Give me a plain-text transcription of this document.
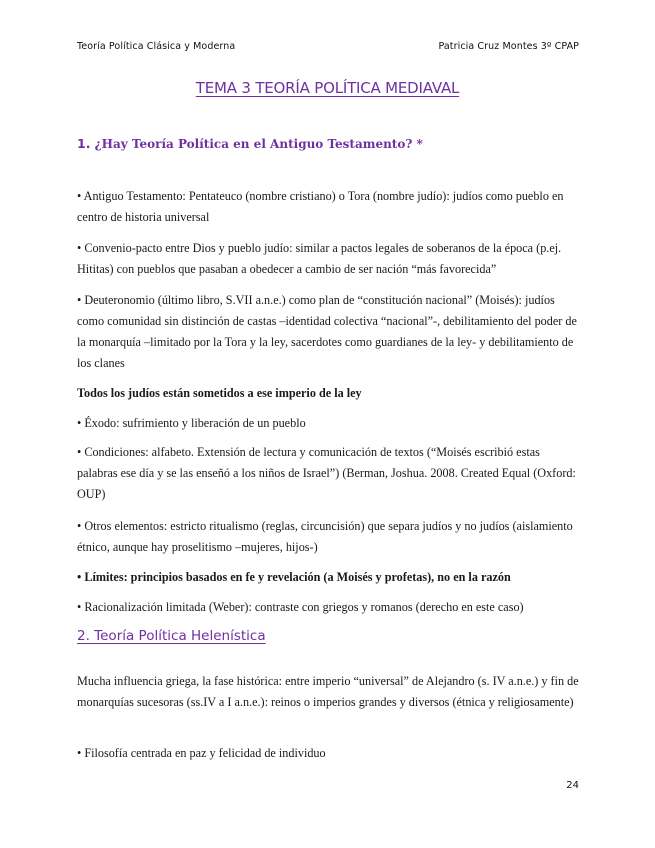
Teoría Política Clásica y Moderna	Patricia Cruz Montes 3º CPAP
TEMA 3 TEORÍA POLÍTICA MEDIAVAL
1. ¿Hay Teoría Política en el Antiguo Testamento? *
• Antiguo Testamento: Pentateuco (nombre cristiano) o Tora (nombre judío): judíos como pueblo en centro de historia universal
• Convenio-pacto entre Dios y pueblo judío: similar a pactos legales de soberanos de la época (p.ej. Hititas) con pueblos que pasaban a obedecer a cambio de ser nación “más favorecida”
• Deuteronomio (último libro, S.VII a.n.e.) como plan de “constitución nacional” (Moisés): judíos como comunidad sin distinción de castas –identidad colectiva “nacional”-, debilitamiento del poder de la monarquía –limitado por la Tora y la ley, sacerdotes como guardianes de la ley- y debilitamiento de los clanes
Todos los judíos están sometidos a ese imperio de la ley
• Éxodo: sufrimiento y liberación de un pueblo
• Condiciones: alfabeto. Extensión de lectura y comunicación de textos (“Moisés escribió estas palabras ese día y se las enseñó a los niños de Israel”) (Berman, Joshua. 2008. Created Equal (Oxford: OUP)
• Otros elementos: estricto ritualismo (reglas, circuncisión) que separa judíos y no judíos (aislamiento étnico, aunque hay proselitismo –mujeres, hijos-)
• Límites: principios basados en fe y revelación (a Moisés y profetas), no en la razón
• Racionalización limitada (Weber): contraste con griegos y romanos (derecho en este caso)
2. Teoría Política Helenística
Mucha influencia griega, la fase histórica: entre imperio “universal” de Alejandro (s. IV a.n.e.) y fin de monarquías sucesoras (ss.IV a I a.n.e.): reinos o imperios grandes y diversos (étnica y religiosamente)
• Filosofía centrada en paz y felicidad de individuo
24
